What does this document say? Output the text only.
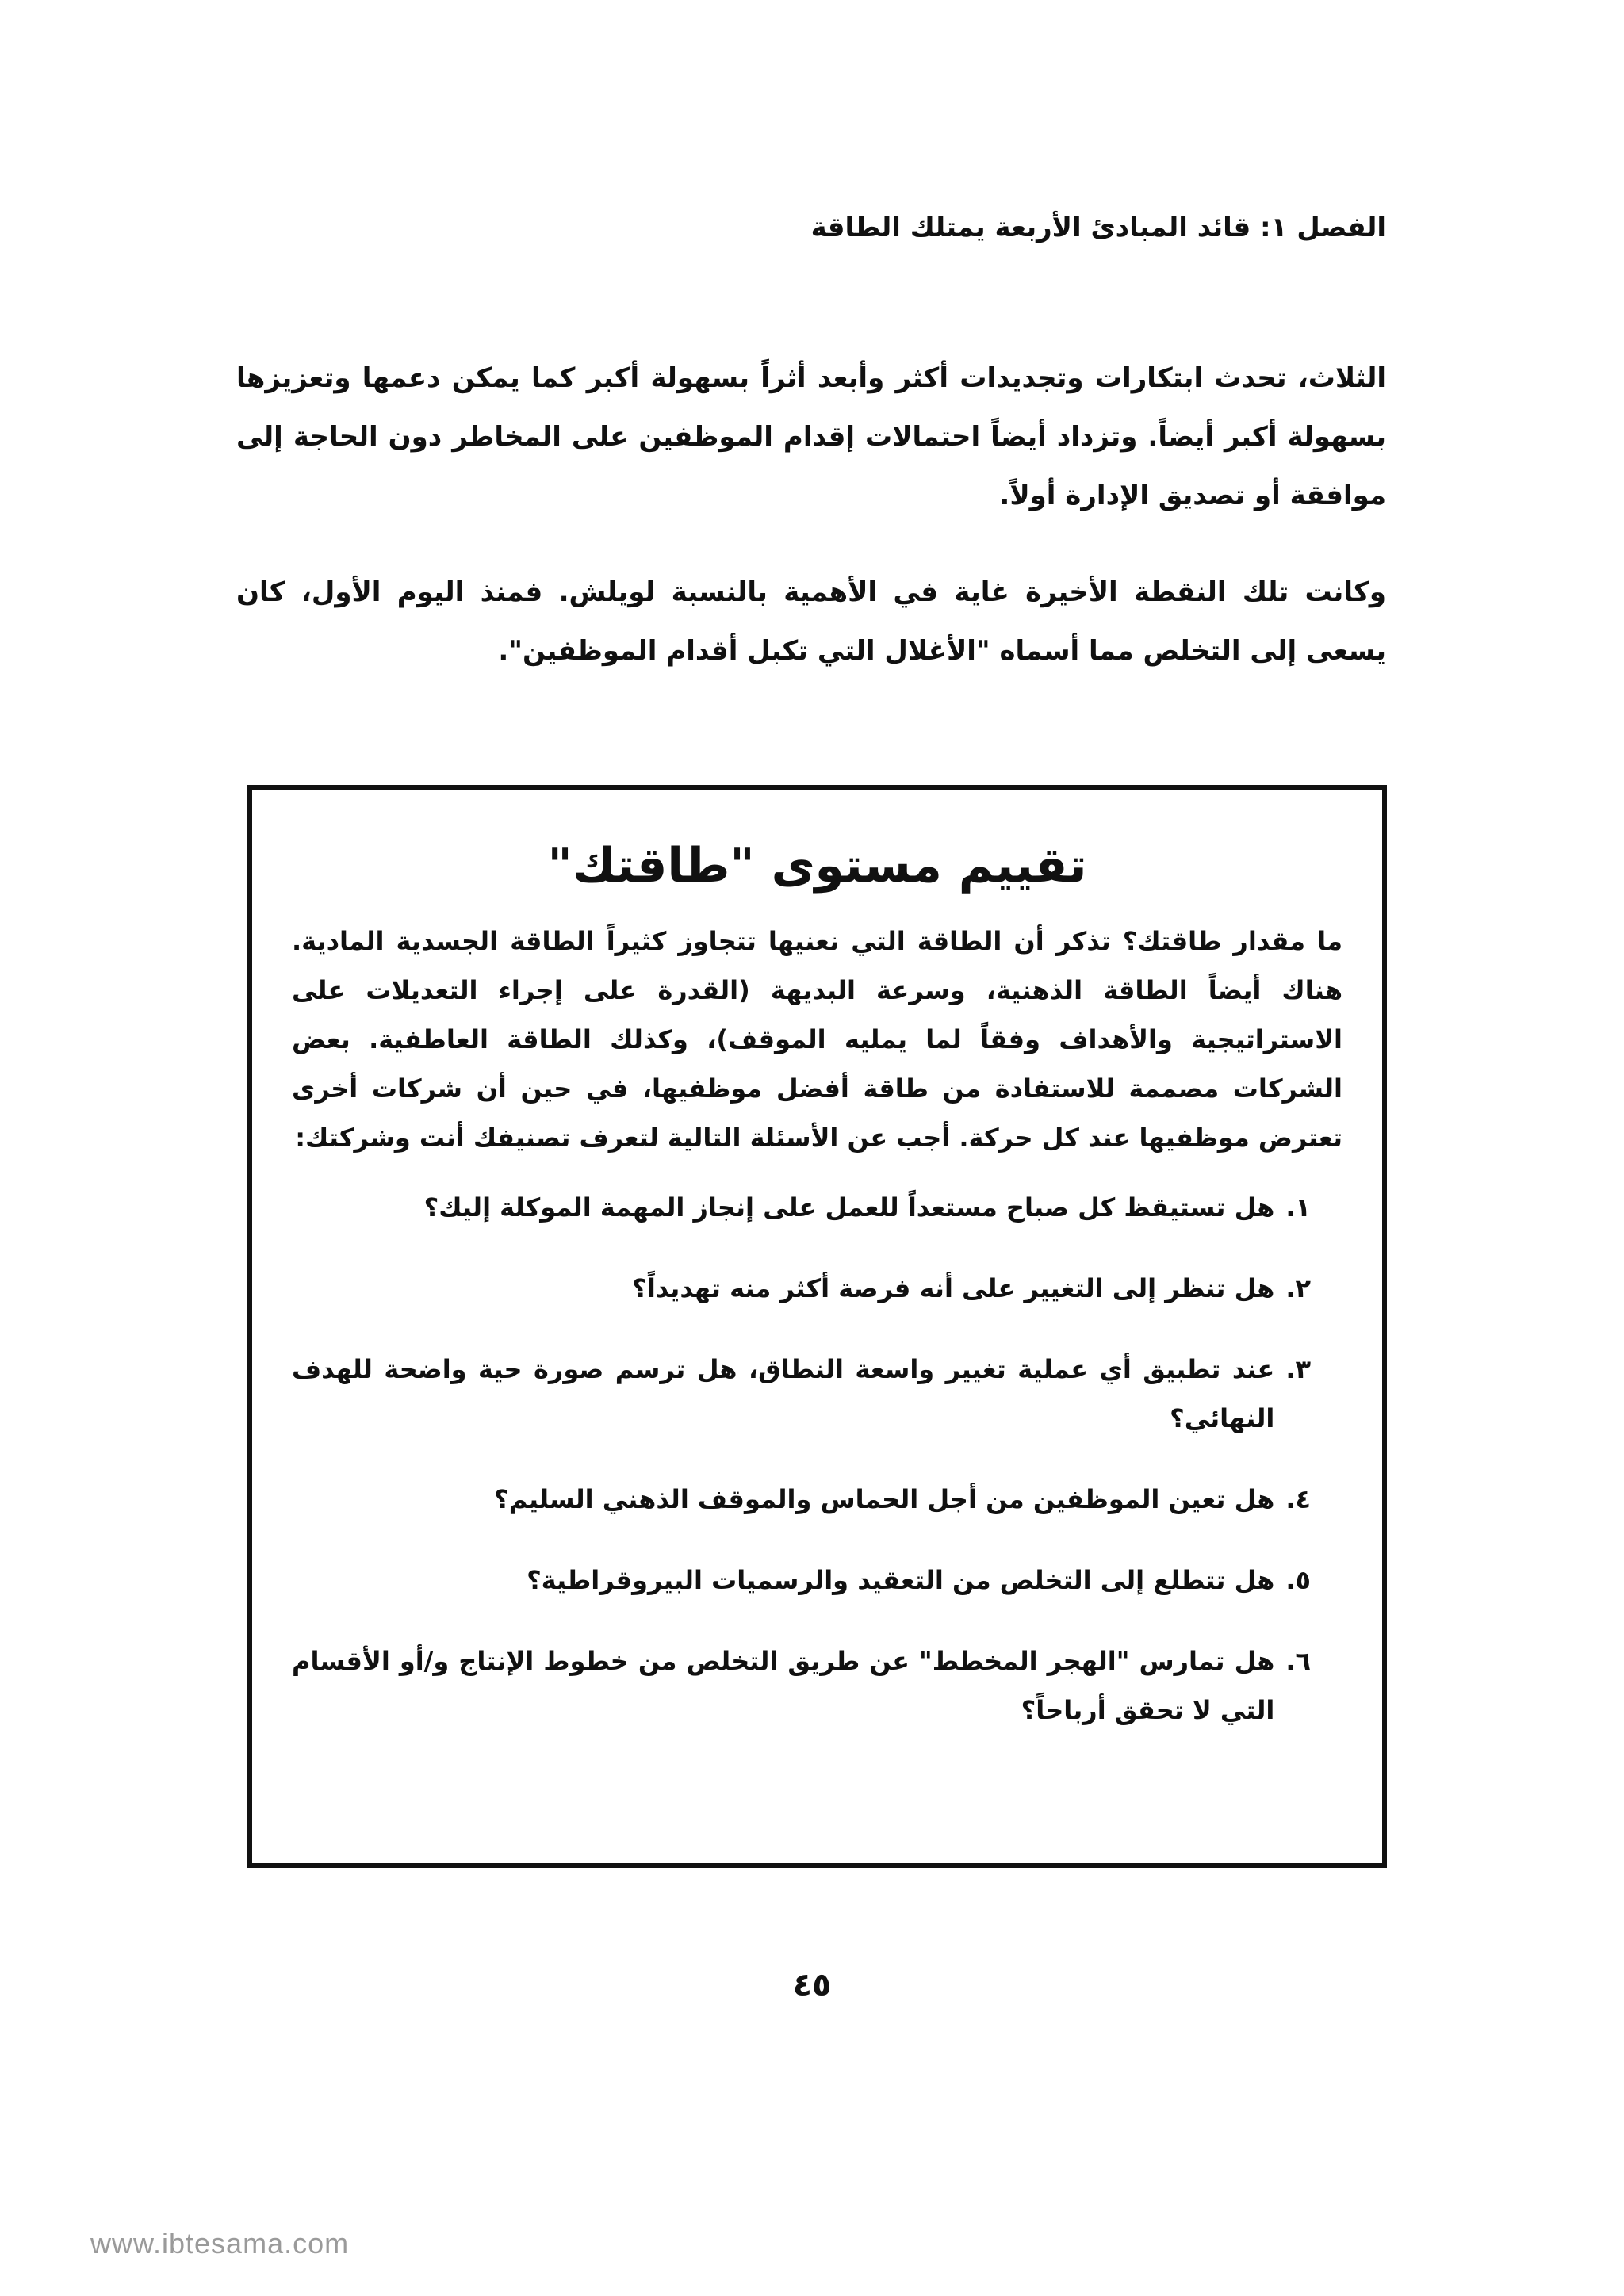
الفصل ١: قائد المبادئ الأربعة يمتلك الطاقة

الثلاث، تحدث ابتكارات وتجديدات أكثر وأبعد أثراً بسهولة أكبر كما يمكن دعمها وتعزيزها بسهولة أكبر أيضاً. وتزداد أيضاً احتمالات إقدام الموظفين على المخاطر دون الحاجة إلى موافقة أو تصديق الإدارة أولاً.

وكانت تلك النقطة الأخيرة غاية في الأهمية بالنسبة لويلش. فمنذ اليوم الأول، كان يسعى إلى التخلص مما أسماه "الأغلال التي تكبل أقدام الموظفين".

تقييم مستوى "طاقتك"
ما مقدار طاقتك؟ تذكر أن الطاقة التي نعنيها تتجاوز كثيراً الطاقة الجسدية المادية. هناك أيضاً الطاقة الذهنية، وسرعة البديهة (القدرة على إجراء التعديلات على الاستراتيجية والأهداف وفقاً لما يمليه الموقف)، وكذلك الطاقة العاطفية. بعض الشركات مصممة للاستفادة من طاقة أفضل موظفيها، في حين أن شركات أخرى تعترض موظفيها عند كل حركة. أجب عن الأسئلة التالية لتعرف تصنيفك أنت وشركتك:
١.
هل تستيقظ كل صباح مستعداً للعمل على إنجاز المهمة الموكلة إليك؟
٢.
هل تنظر إلى التغيير على أنه فرصة أكثر منه تهديداً؟
٣.
عند تطبيق أي عملية تغيير واسعة النطاق، هل ترسم صورة حية واضحة للهدف النهائي؟
٤.
هل تعين الموظفين من أجل الحماس والموقف الذهني السليم؟
٥.
هل تتطلع إلى التخلص من التعقيد والرسميات البيروقراطية؟
٦.
هل تمارس "الهجر المخطط" عن طريق التخلص من خطوط الإنتاج و/أو الأقسام التي لا تحقق أرباحاً؟
٤٥
www.ibtesama.com
